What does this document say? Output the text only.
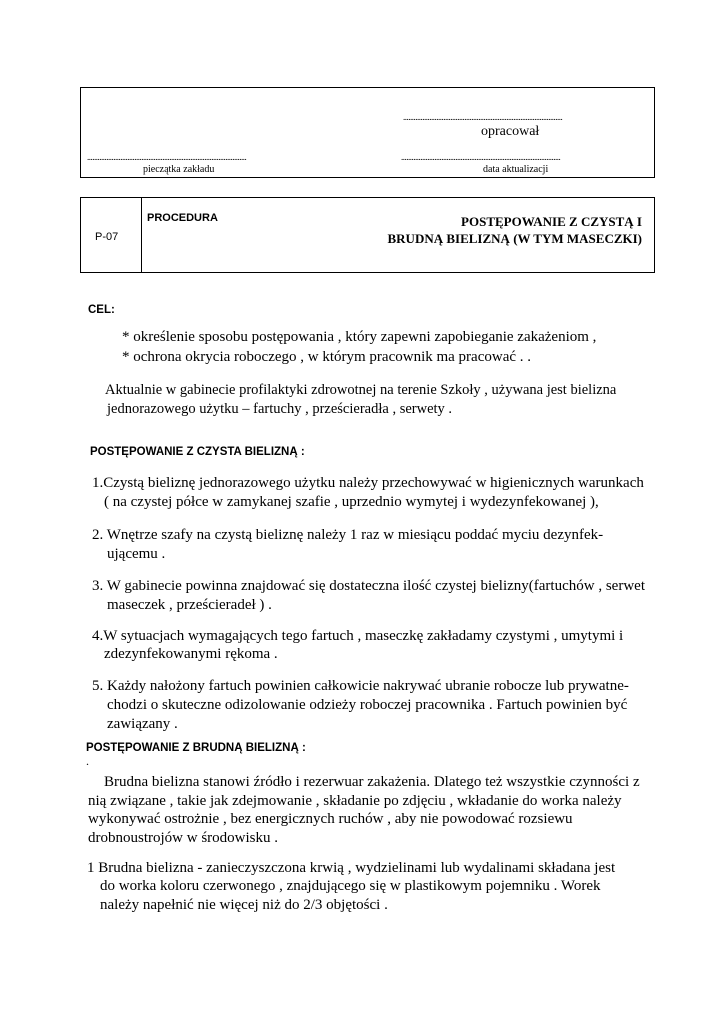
...........................................................................................
opracował
...........................................................................................
pieczątka zakładu
...........................................................................................
data aktualizacji
P-07
PROCEDURA	POSTĘPOWANIE Z CZYSTĄ I
BRUDNĄ BIELIZNĄ (W TYM MASECZKI)
CEL:
* określenie sposobu postępowania , który zapewni zapobieganie zakażeniom ,
* ochrona okrycia roboczego , w którym pracownik ma pracować . .
Aktualnie w gabinecie profilaktyki zdrowotnej na terenie Szkoły , używana jest bielizna
jednorazowego użytku – fartuchy , prześcieradła , serwety .
POSTĘPOWANIE Z CZYSTA BIELIZNĄ :
1.Czystą bieliznę jednorazowego użytku należy przechowywać w higienicznych warunkach
( na czystej półce w zamykanej szafie , uprzednio wymytej i wydezynfekowanej ),
2. Wnętrze szafy na czystą bieliznę należy 1 raz w miesiącu poddać myciu dezynfek-
ującemu .
3. W gabinecie powinna znajdować się dostateczna ilość czystej bielizny(fartuchów , serwet
maseczek , prześcieradeł ) .
4.W sytuacjach wymagających tego fartuch , maseczkę zakładamy czystymi , umytymi i
zdezynfekowanymi rękoma .
5. Każdy nałożony fartuch powinien całkowicie nakrywać ubranie robocze lub prywatne-
chodzi o skuteczne odizolowanie odzieży roboczej pracownika . Fartuch powinien być
zawiązany .
POSTĘPOWANIE Z BRUDNĄ BIELIZNĄ :
.
Brudna bielizna stanowi źródło i rezerwuar zakażenia. Dlatego też wszystkie czynności z
nią związane , takie jak zdejmowanie , składanie po zdjęciu , wkładanie do worka należy
wykonywać ostrożnie , bez energicznych ruchów , aby nie powodować rozsiewu
drobnoustrojów w środowisku .
1 Brudna bielizna - zanieczyszczona krwią , wydzielinami lub wydalinami składana jest
do worka koloru czerwonego , znajdującego się w plastikowym pojemniku . Worek
należy napełnić nie więcej niż do 2/3 objętości .
